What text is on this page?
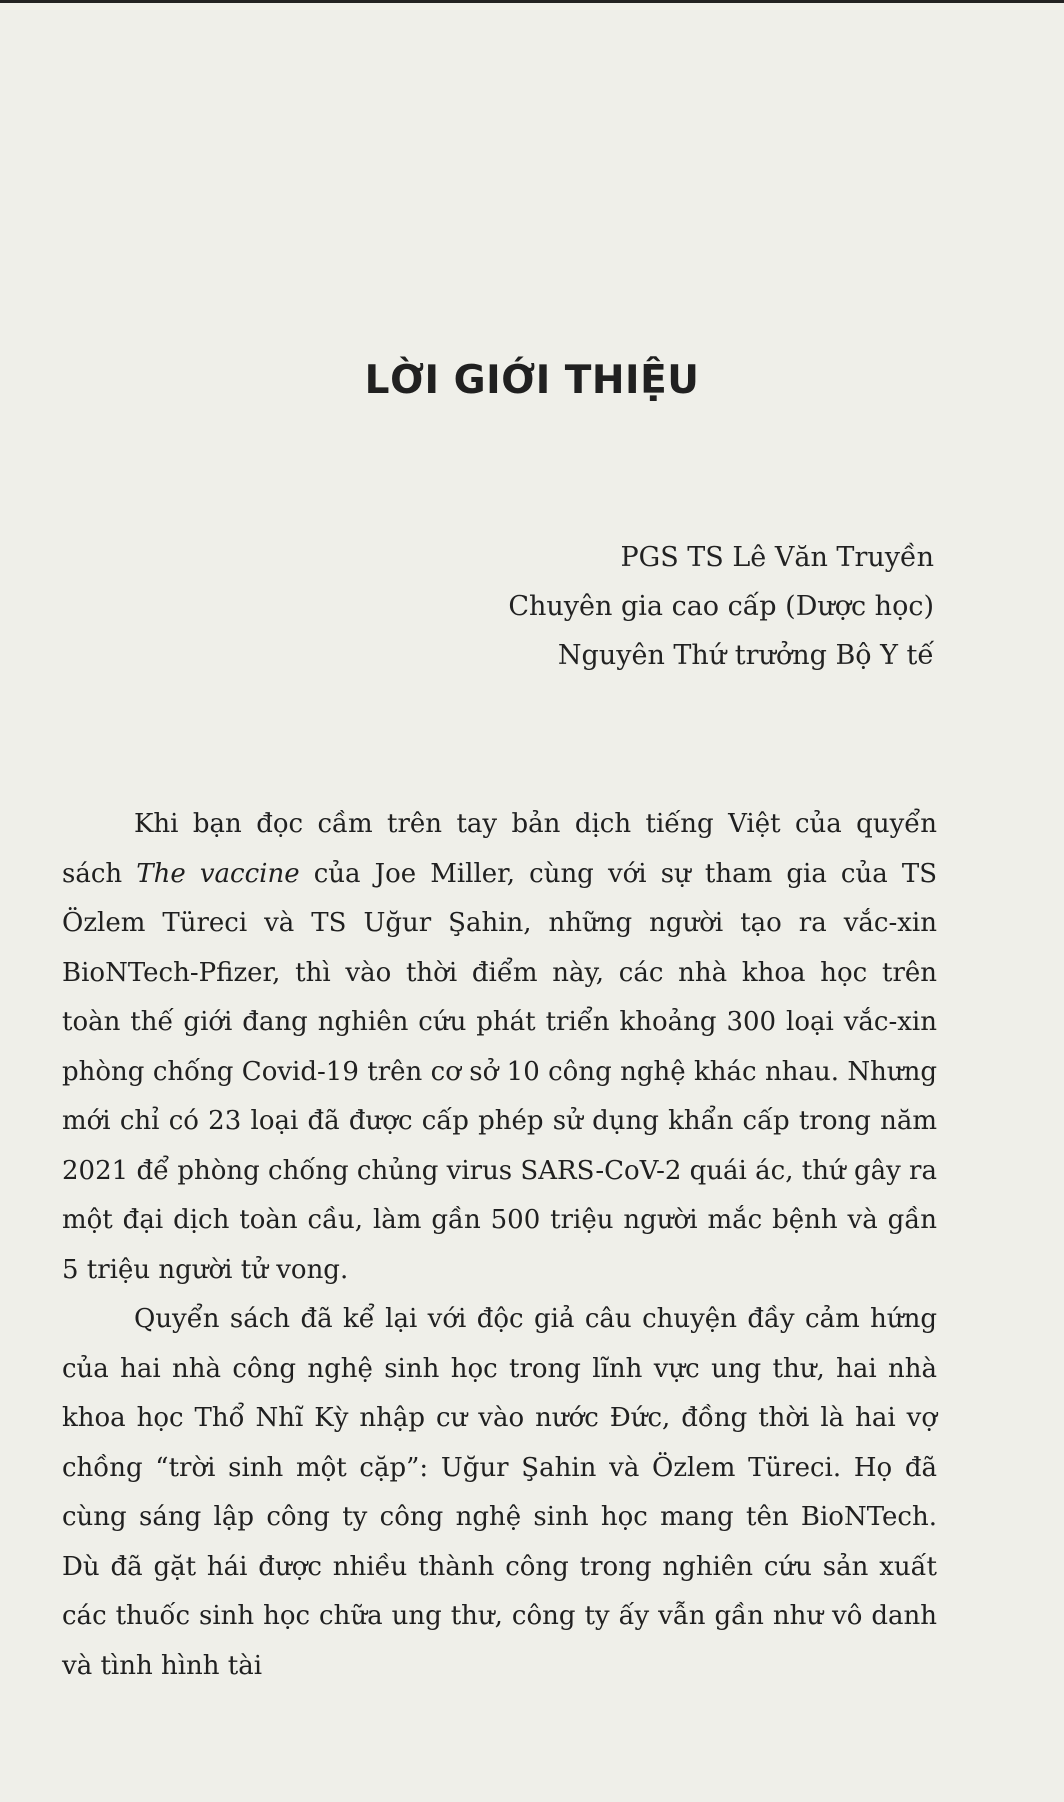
LỜI GIỚI THIỆU
PGS TS Lê Văn Truyền
Chuyên gia cao cấp (Dược học)
Nguyên Thứ trưởng Bộ Y tế

Khi bạn đọc cầm trên tay bản dịch tiếng Việt của quyển sách The vaccine của Joe Miller, cùng với sự tham gia của TS Özlem Türeci và TS Uğur Şahin, những người tạo ra vắc-xin BioNTech-Pfizer, thì vào thời điểm này, các nhà khoa học trên toàn thế giới đang nghiên cứu phát triển khoảng 300 loại vắc-xin phòng chống Covid-19 trên cơ sở 10 công nghệ khác nhau. Nhưng mới chỉ có 23 loại đã được cấp phép sử dụng khẩn cấp trong năm 2021 để phòng chống chủng virus SARS-CoV-2 quái ác, thứ gây ra một đại dịch toàn cầu, làm gần 500 triệu người mắc bệnh và gần 5 triệu người tử vong.

Quyển sách đã kể lại với độc giả câu chuyện đầy cảm hứng của hai nhà công nghệ sinh học trong lĩnh vực ung thư, hai nhà khoa học Thổ Nhĩ Kỳ nhập cư vào nước Đức, đồng thời là hai vợ chồng “trời sinh một cặp”: Uğur Şahin và Özlem Türeci. Họ đã cùng sáng lập công ty công nghệ sinh học mang tên BioNTech. Dù đã gặt hái được nhiều thành công trong nghiên cứu sản xuất các thuốc sinh học chữa ung thư, công ty ấy vẫn gần như vô danh và tình hình tài
